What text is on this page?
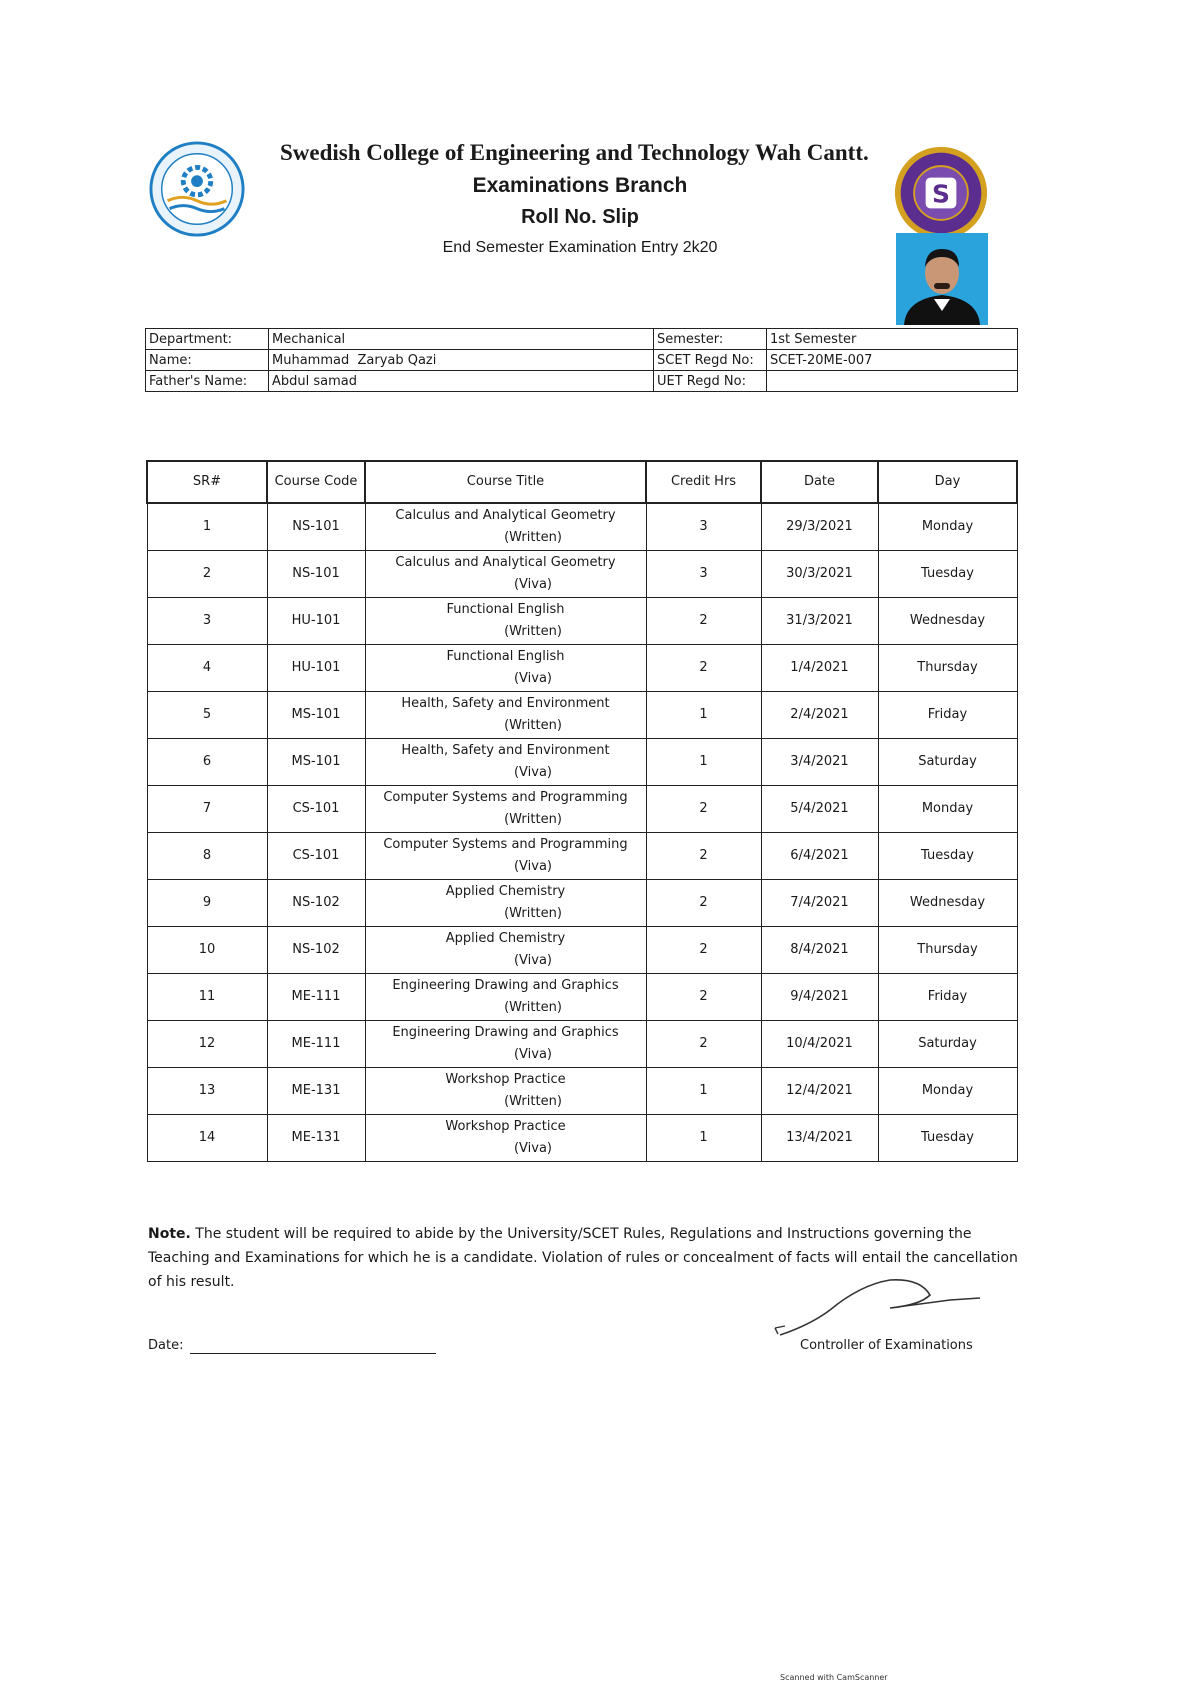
Swedish College of Engineering and Technology Wah Cantt.
Examinations Branch
Roll No. Slip
End Semester Examination Entry 2k20
S
Department:	Mechanical	Semester:	1st Semester
Name:	Muhammad  Zaryab Qazi	SCET Regd No:	SCET-20ME-007
Father's Name:	Abdul samad	UET Regd No:	
SR#	Course Code	Course Title	Credit Hrs	Date	Day
1	NS-101	Calculus and Analytical Geometry
(Written)	3	29/3/2021	Monday
2	NS-101	Calculus and Analytical Geometry
(Viva)	3	30/3/2021	Tuesday
3	HU-101	Functional English
(Written)	2	31/3/2021	Wednesday
4	HU-101	Functional English
(Viva)	2	1/4/2021	Thursday
5	MS-101	Health, Safety and Environment
(Written)	1	2/4/2021	Friday
6	MS-101	Health, Safety and Environment
(Viva)	1	3/4/2021	Saturday
7	CS-101	Computer Systems and Programming
(Written)	2	5/4/2021	Monday
8	CS-101	Computer Systems and Programming
(Viva)	2	6/4/2021	Tuesday
9	NS-102	Applied Chemistry
(Written)	2	7/4/2021	Wednesday
10	NS-102	Applied Chemistry
(Viva)	2	8/4/2021	Thursday
11	ME-111	Engineering Drawing and Graphics
(Written)	2	9/4/2021	Friday
12	ME-111	Engineering Drawing and Graphics
(Viva)	2	10/4/2021	Saturday
13	ME-131	Workshop Practice
(Written)	1	12/4/2021	Monday
14	ME-131	Workshop Practice
(Viva)	1	13/4/2021	Tuesday
Note. The student will be required to abide by the University/SCET Rules, Regulations and Instructions governing the Teaching and Examinations for which he is a candidate. Violation of rules or concealment of facts will entail the cancellation of his result.
Date:	Controller of Examinations
Scanned with CamScanner
